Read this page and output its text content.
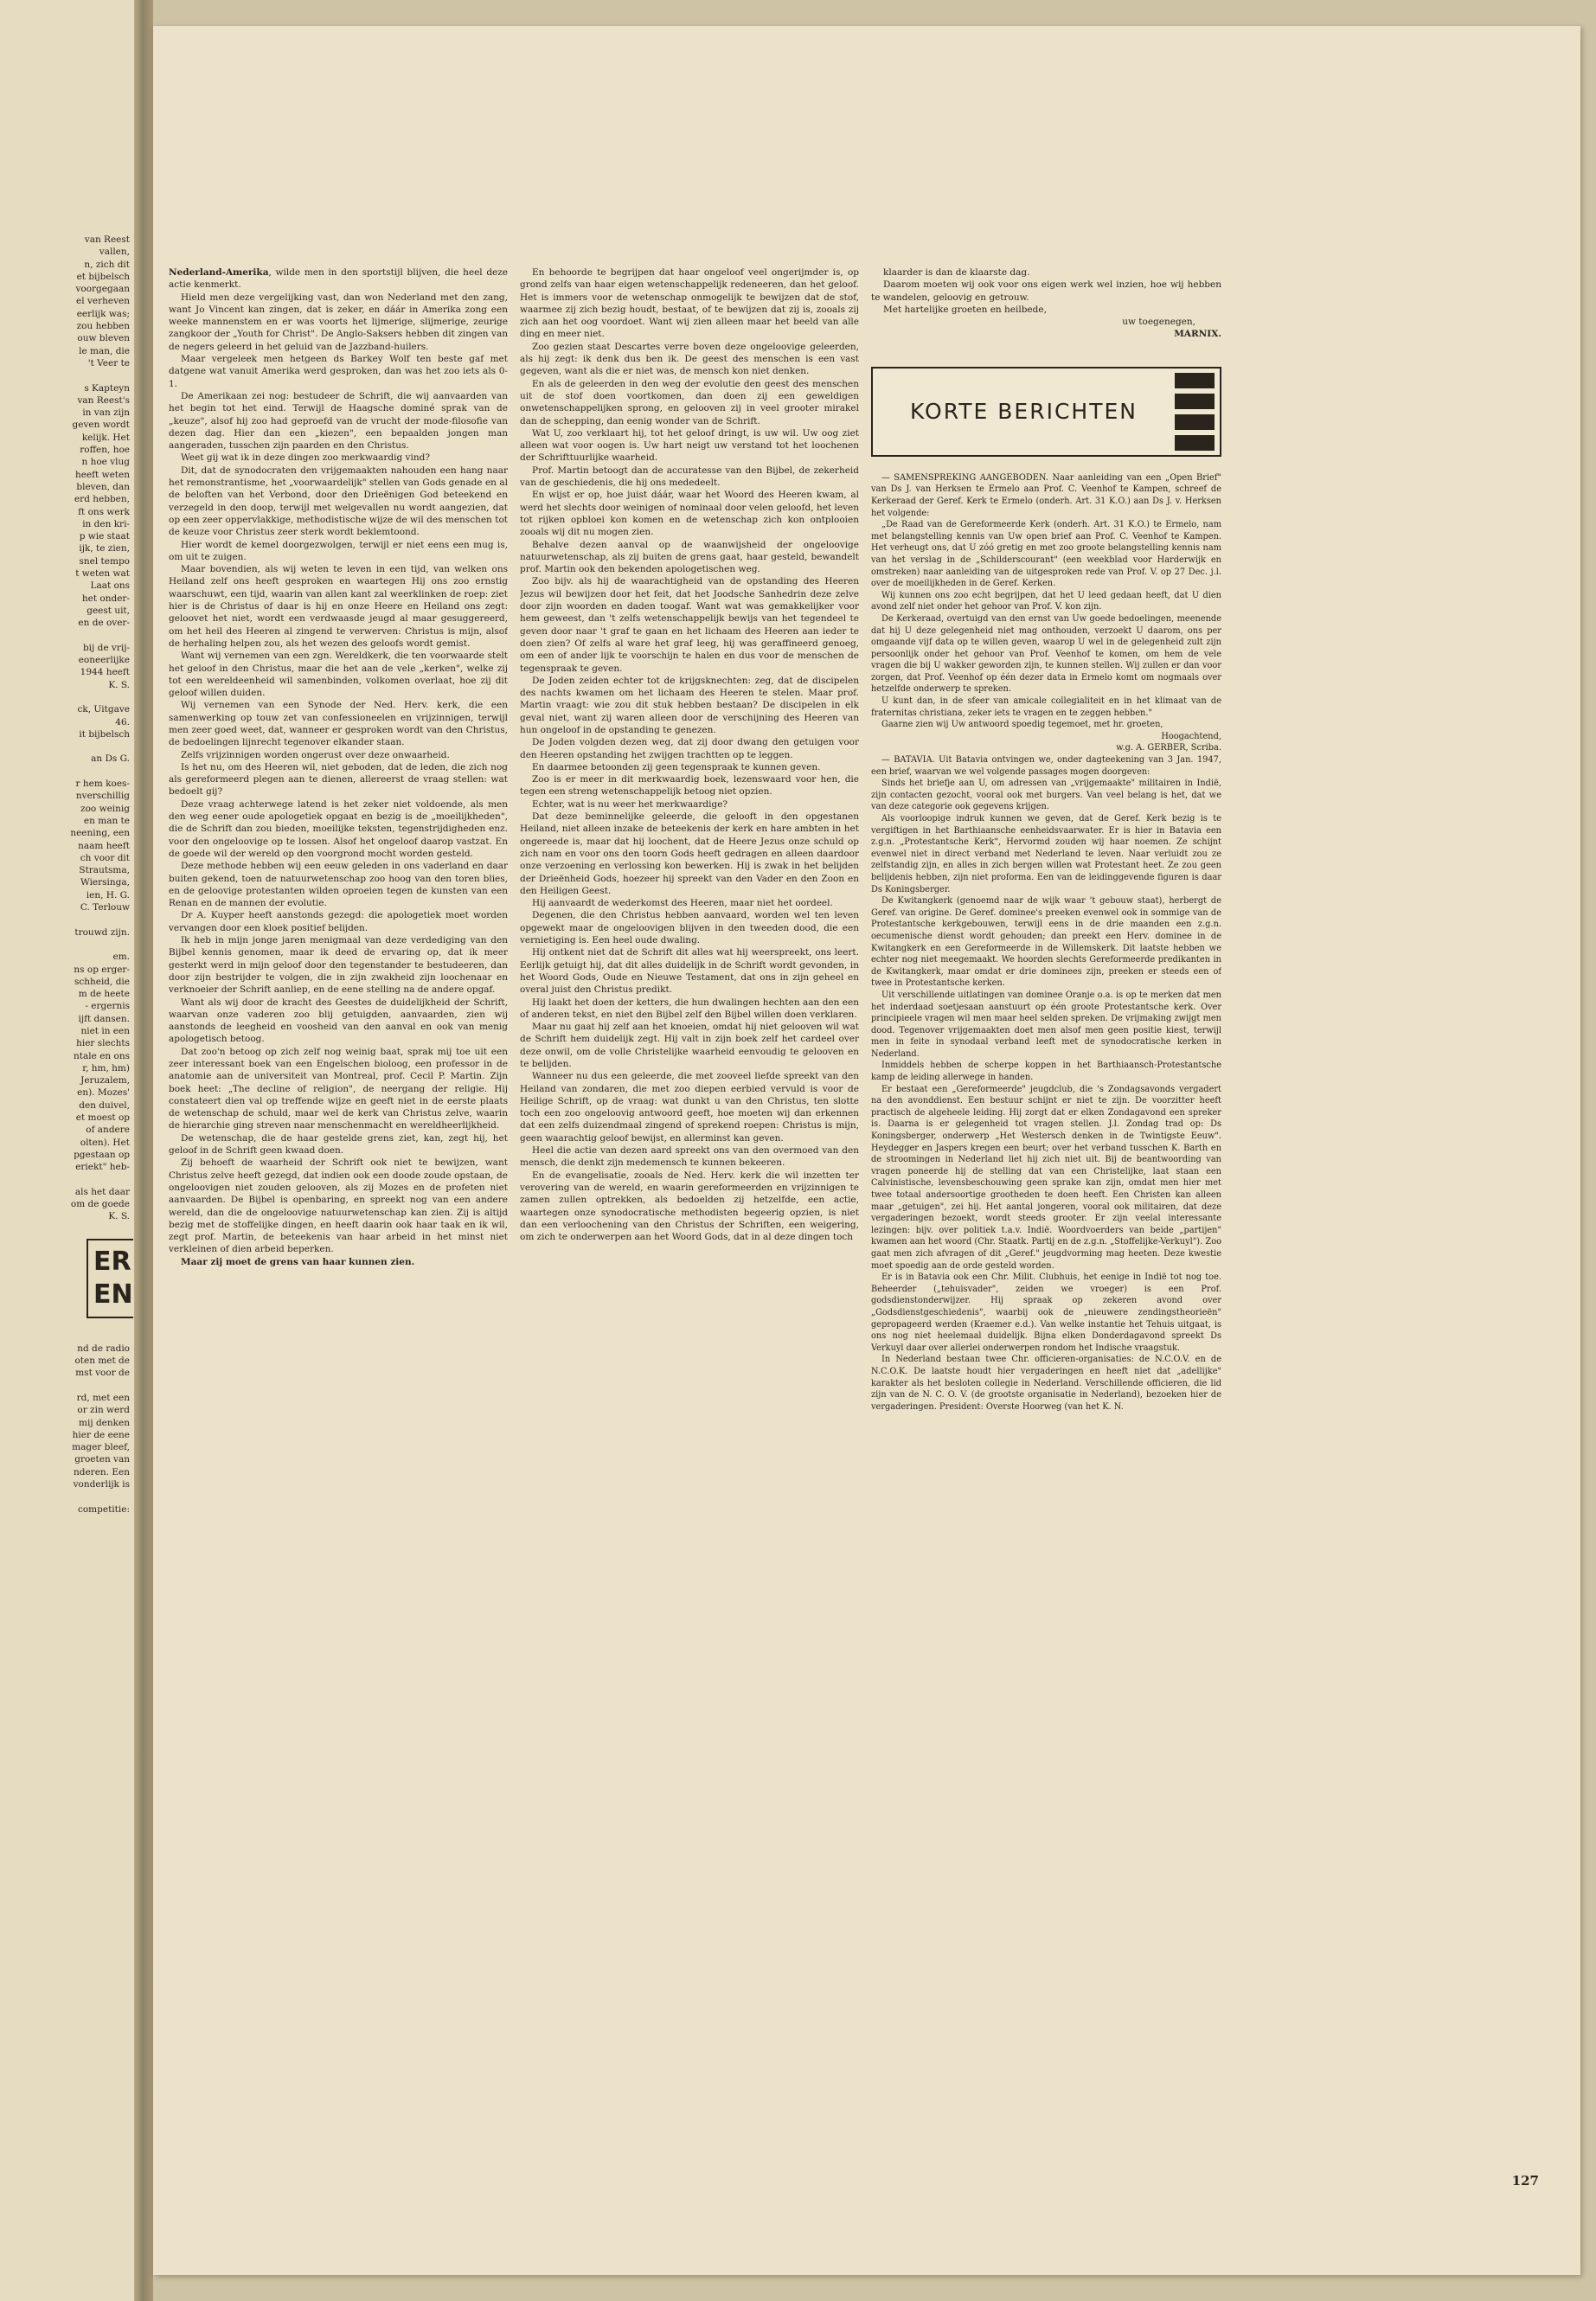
van Reest
vallen,
n, zich dit
et bijbelsch
voorgegaan
el verheven
eerlijk was;
zou hebben
ouw bleven
le man, die
't Veer te

s Kapteyn
van Reest's
in van zijn
geven wordt
kelijk. Het
roffen, hoe
n hoe vlug
heeft weten
bleven, dan
erd hebben,
ft ons werk
in den kri-
p wie staat
ijk, te zien,
snel tempo
t weten wat
Laat ons
het onder-
geest uit,
en de over-

bij de vrij-
eoneerlijke
1944 heeft
K. S.

ck, Uitgave
46.
it bijbelsch

an Ds G.

r hem koes-
nverschillig
zoo weinig
en man te
neening, een
naam heeft
ch voor dit
Strautsma,
Wiersinga,
ien, H. G.
C. Terlouw

trouwd zijn.

em.
ns op erger-
schheid, die
m de heete
- ergernis
ijft dansen.
niet in een
hier slechts
ntale en ons
r, hm, hm)
Jeruzalem,
en). Mozes'
den duivel,
et moest op
of andere
olten). Het
pgestaan op
eriekt" heb-

als het daar
om de goede
K. S.
ER
EN
nd de radio
oten met de
mst voor de

rd, met een
or zin werd
mij denken
hier de eene
mager bleef,
groeten van
nderen. Een
vonderlijk is

competitie:

Nederland-Amerika, wilde men in den sportstijl blijven, die heel deze actie kenmerkt.

Hield men deze vergelijking vast, dan won Nederland met den zang, want Jo Vincent kan zingen, dat is zeker, en dáár in Amerika zong een weeke mannenstem en er was voorts het lijmerige, slijmerige, zeurige zangkoor der „Youth for Christ". De Anglo-Saksers hebben dit zingen van de negers geleerd in het geluid van de Jazzband-huilers.

Maar vergeleek men hetgeen ds Barkey Wolf ten beste gaf met datgene wat vanuit Amerika werd gesproken, dan was het zoo iets als 0-1.

De Amerikaan zei nog: bestudeer de Schrift, die wij aanvaarden van het begin tot het eind. Terwijl de Haagsche dominé sprak van de „keuze", alsof hij zoo had geproefd van de vrucht der mode-filosofie van dezen dag. Hier dan een „kiezen", een bepaalden jongen man aangeraden, tusschen zijn paarden en den Christus.

Weet gij wat ik in deze dingen zoo merkwaardig vind?

Dit, dat de synodocraten den vrijgemaakten nahouden een hang naar het remonstrantisme, het „voorwaardelijk" stellen van Gods genade en al de beloften van het Verbond, door den Drieënigen God beteekend en verzegeld in den doop, terwijl met welgevallen nu wordt aangezien, dat op een zeer oppervlakkige, methodistische wijze de wil des menschen tot de keuze voor Christus zeer sterk wordt beklemtoond.

Hier wordt de kemel doorgezwolgen, terwijl er niet eens een mug is, om uit te zuigen.

Maar bovendien, als wij weten te leven in een tijd, van welken ons Heiland zelf ons heeft gesproken en waartegen Hij ons zoo ernstig waarschuwt, een tijd, waarin van allen kant zal weerklinken de roep: ziet hier is de Christus of daar is hij en onze Heere en Heiland ons zegt: geloovet het niet, wordt een verdwaasde jeugd al maar gesuggereerd, om het heil des Heeren al zingend te verwerven: Christus is mijn, alsof de herhaling helpen zou, als het wezen des geloofs wordt gemist.

Want wij vernemen van een zgn. Wereldkerk, die ten voorwaarde stelt het geloof in den Christus, maar die het aan de vele „kerken", welke zij tot een wereldeenheid wil samenbinden, volkomen overlaat, hoe zij dit geloof willen duiden.

Wij vernemen van een Synode der Ned. Herv. kerk, die een samenwerking op touw zet van confessioneelen en vrijzinnigen, terwijl men zeer goed weet, dat, wanneer er gesproken wordt van den Christus, de bedoelingen lijnrecht tegenover elkander staan.

Zelfs vrijzinnigen worden ongerust over deze onwaarheid.

Is het nu, om des Heeren wil, niet geboden, dat de leden, die zich nog als gereformeerd plegen aan te dienen, allereerst de vraag stellen: wat bedoelt gij?

Deze vraag achterwege latend is het zeker niet voldoende, als men den weg eener oude apologetiek opgaat en bezig is de „moeilijkheden", die de Schrift dan zou bieden, moeilijke teksten, tegenstrijdigheden enz. voor den ongeloovige op te lossen. Alsof het ongeloof daarop vastzat. En de goede wil der wereld op den voorgrond mocht worden gesteld.

Deze methode hebben wij een eeuw geleden in ons vaderland en daar buiten gekend, toen de natuurwetenschap zoo hoog van den toren blies, en de geloovige protestanten wilden oproeien tegen de kunsten van een Renan en de mannen der evolutie.

Dr A. Kuyper heeft aanstonds gezegd: die apologetiek moet worden vervangen door een kloek positief belijden.

Ik heb in mijn jonge jaren menigmaal van deze verdediging van den Bijbel kennis genomen, maar ik deed de ervaring op, dat ik meer gesterkt werd in mijn geloof door den tegenstander te bestudeeren, dan door zijn bestrijder te volgen, die in zijn zwakheid zijn loochenaar en verknoeier der Schrift aanliep, en de eene stelling na de andere opgaf.

Want als wij door de kracht des Geestes de duidelijkheid der Schrift, waarvan onze vaderen zoo blij getuigden, aanvaarden, zien wij aanstonds de leegheid en voosheid van den aanval en ook van menig apologetisch betoog.

Dat zoo'n betoog op zich zelf nog weinig baat, sprak mij toe uit een zeer interessant boek van een Engelschen bioloog, een professor in de anatomie aan de universiteit van Montreal, prof. Cecil P. Martin. Zijn boek heet: „The decline of religion", de neergang der religie. Hij constateert dien val op treffende wijze en geeft niet in de eerste plaats de wetenschap de schuld, maar wel de kerk van Christus zelve, waarin de hierarchie ging streven naar menschenmacht en wereldheerlijkheid.

De wetenschap, die de haar gestelde grens ziet, kan, zegt hij, het geloof in de Schrift geen kwaad doen.

Zij behoeft de waarheid der Schrift ook niet te bewijzen, want Christus zelve heeft gezegd, dat indien ook een doode zoude opstaan, de ongeloovigen niet zouden gelooven, als zij Mozes en de profeten niet aanvaarden. De Bijbel is openbaring, en spreekt nog van een andere wereld, dan die de ongeloovige natuurwetenschap kan zien. Zij is altijd bezig met de stoffelijke dingen, en heeft daarin ook haar taak en ik wil, zegt prof. Martin, de beteekenis van haar arbeid in het minst niet verkleinen of dien arbeid beperken.

Maar zij moet de grens van haar kunnen zien.

En behoorde te begrijpen dat haar ongeloof veel ongerijmder is, op grond zelfs van haar eigen wetenschappelijk redeneeren, dan het geloof. Het is immers voor de wetenschap onmogelijk te bewijzen dat de stof, waarmee zij zich bezig houdt, bestaat, of te bewijzen dat zij is, zooals zij zich aan het oog voordoet. Want wij zien alleen maar het beeld van alle ding en meer niet.

Zoo gezien staat Descartes verre boven deze ongeloovige geleerden, als hij zegt: ik denk dus ben ik. De geest des menschen is een vast gegeven, want als die er niet was, de mensch kon niet denken.

En als de geleerden in den weg der evolutie den geest des menschen uit de stof doen voortkomen, dan doen zij een geweldigen onwetenschappelijken sprong, en gelooven zij in veel grooter mirakel dan de schepping, dan eenig wonder van de Schrift.

Wat U, zoo verklaart hij, tot het geloof dringt, is uw wil. Uw oog ziet alleen wat voor oogen is. Uw hart neigt uw verstand tot het loochenen der Schrifttuurlijke waarheid.

Prof. Martin betoogt dan de accuratesse van den Bijbel, de zekerheid van de geschiedenis, die hij ons mededeelt.

En wijst er op, hoe juist dáár, waar het Woord des Heeren kwam, al werd het slechts door weinigen of nominaal door velen geloofd, het leven tot rijken opbloei kon komen en de wetenschap zich kon ontplooien zooals wij dit nu mogen zien.

Behalve dezen aanval op de waanwijsheid der ongeloovige natuurwetenschap, als zij buiten de grens gaat, haar gesteld, bewandelt prof. Martin ook den bekenden apologetischen weg.

Zoo bijv. als hij de waarachtigheid van de opstanding des Heeren Jezus wil bewijzen door het feit, dat het Joodsche Sanhedrin deze zelve door zijn woorden en daden toogaf. Want wat was gemakkelijker voor hem geweest, dan 't zelfs wetenschappelijk bewijs van het tegendeel te geven door naar 't graf te gaan en het lichaam des Heeren aan ieder te doen zien? Of zelfs al ware het graf leeg, hij was geraffineerd genoeg, om een of ander lijk te voorschijn te halen en dus voor de menschen de tegenspraak te geven.

De Joden zeiden echter tot de krijgsknechten: zeg, dat de discipelen des nachts kwamen om het lichaam des Heeren te stelen. Maar prof. Martin vraagt: wie zou dit stuk hebben bestaan? De discipelen in elk geval niet, want zij waren alleen door de verschijning des Heeren van hun ongeloof in de opstanding te genezen.

De Joden volgden dezen weg, dat zij door dwang den getuigen voor den Heeren opstanding het zwijgen trachtten op te leggen.

En daarmee betoonden zij geen tegenspraak te kunnen geven.

Zoo is er meer in dit merkwaardig boek, lezenswaard voor hen, die tegen een streng wetenschappelijk betoog niet opzien.

Echter, wat is nu weer het merkwaardige?

Dat deze beminnelijke geleerde, die gelooft in den opgestanen Heiland, niet alleen inzake de beteekenis der kerk en hare ambten in het ongereede is, maar dat hij loochent, dat de Heere Jezus onze schuld op zich nam en voor ons den toorn Gods heeft gedragen en alleen daardoor onze verzoening en verlossing kon bewerken. Hij is zwak in het belijden der Drieënheid Gods, hoezeer hij spreekt van den Vader en den Zoon en den Heiligen Geest.

Hij aanvaardt de wederkomst des Heeren, maar niet het oordeel.

Degenen, die den Christus hebben aanvaard, worden wel ten leven opgewekt maar de ongeloovigen blijven in den tweeden dood, die een vernietiging is. Een heel oude dwaling.

Hij ontkent niet dat de Schrift dit alles wat hij weerspreekt, ons leert. Eerlijk getuigt hij, dat dit alles duidelijk in de Schrift wordt gevonden, in het Woord Gods, Oude en Nieuwe Testament, dat ons in zijn geheel en overal juist den Christus predikt.

Hij laakt het doen der ketters, die hun dwalingen hechten aan den een of anderen tekst, en niet den Bijbel zelf den Bijbel willen doen verklaren.

Maar nu gaat hij zelf aan het knoeien, omdat hij niet gelooven wil wat de Schrift hem duidelijk zegt. Hij valt in zijn boek zelf het cardeel over deze onwil, om de volle Christelijke waarheid eenvoudig te gelooven en te belijden.

Wanneer nu dus een geleerde, die met zooveel liefde spreekt van den Heiland van zondaren, die met zoo diepen eerbied vervuld is voor de Heilige Schrift, op de vraag: wat dunkt u van den Christus, ten slotte toch een zoo ongeloovig antwoord geeft, hoe moeten wij dan erkennen dat een zelfs duizendmaal zingend of sprekend roepen: Christus is mijn, geen waarachtig geloof bewijst, en allerminst kan geven.

Heel die actie van dezen aard spreekt ons van den overmoed van den mensch, die denkt zijn medemensch te kunnen bekeeren.

En de evangelisatie, zooals de Ned. Herv. kerk die wil inzetten ter verovering van de wereld, en waarin gereformeerden en vrijzinnigen te zamen zullen optrekken, als bedoelden zij hetzelfde, een actie, waartegen onze synodocratische methodisten begeerig opzien, is niet dan een verloochening van den Christus der Schriften, een weigering, om zich te onderwerpen aan het Woord Gods, dat in al deze dingen toch

klaarder is dan de klaarste dag.

Daarom moeten wij ook voor ons eigen werk wel inzien, hoe wij hebben te wandelen, geloovig en getrouw.

Met hartelijke groeten en heilbede,

uw toegenegen,
MARNIX.
KORTE BERICHTEN

— SAMENSPREKING AANGEBODEN. Naar aanleiding van een „Open Brief" van Ds J. van Herksen te Ermelo aan Prof. C. Veenhof te Kampen, schreef de Kerkeraad der Geref. Kerk te Ermelo (onderh. Art. 31 K.O.) aan Ds J. v. Herksen het volgende:

„De Raad van de Gereformeerde Kerk (onderh. Art. 31 K.O.) te Ermelo, nam met belangstelling kennis van Uw open brief aan Prof. C. Veenhof te Kampen. Het verheugt ons, dat U zóó gretig en met zoo groote belangstelling kennis nam van het verslag in de „Schilderscourant" (een weekblad voor Harderwijk en omstreken) naar aanleiding van de uitgesproken rede van Prof. V. op 27 Dec. j.l. over de moeilijkheden in de Geref. Kerken.

Wij kunnen ons zoo echt begrijpen, dat het U leed gedaan heeft, dat U dien avond zelf niet onder het gehoor van Prof. V. kon zijn.

De Kerkeraad, overtuigd van den ernst van Uw goede bedoelingen, meenende dat hij U deze gelegenheid niet mag onthouden, verzoekt U daarom, ons per omgaande vijf data op te willen geven, waarop U wel in de gelegenheid zult zijn persoonlijk onder het gehoor van Prof. Veenhof te komen, om hem de vele vragen die bij U wakker geworden zijn, te kunnen stellen. Wij zullen er dan voor zorgen, dat Prof. Veenhof op één dezer data in Ermelo komt om nogmaals over hetzelfde onderwerp te spreken.

U kunt dan, in de sfeer van amicale collegialiteit en in het klimaat van de fraternitas christiana, zeker iets te vragen en te zeggen hebben."

Gaarne zien wij Uw antwoord spoedig tegemoet, met hr. groeten,

Hoogachtend,

w.g. A. GERBER, Scriba.

— BATAVIA. Uit Batavia ontvingen we, onder dagteekening van 3 Jan. 1947, een brief, waarvan we wel volgende passages mogen doorgeven:

Sinds het briefje aan U, om adressen van „vrijgemaakte" militairen in Indië, zijn contacten gezocht, vooral ook met burgers. Van veel belang is het, dat we van deze categorie ook gegevens krijgen.

Als voorloopige indruk kunnen we geven, dat de Geref. Kerk bezig is te vergiftigen in het Barthiaansche eenheidsvaarwater. Er is hier in Batavia een z.g.n. „Protestantsche Kerk", Hervormd zouden wij haar noemen. Ze schijnt evenwel niet in direct verband met Nederland te leven. Naar verluidt zou ze zelfstandig zijn, en alles in zich bergen willen wat Protestant heet. Ze zou geen belijdenis hebben, zijn niet proforma. Een van de leidinggevende figuren is daar Ds Koningsberger.

De Kwitangkerk (genoemd naar de wijk waar 't gebouw staat), herbergt de Geref. van origine. De Geref. dominee's preeken evenwel ook in sommige van de Protestantsche kerkgebouwen, terwijl eens in de drie maanden een z.g.n. oecumenische dienst wordt gehouden; dan preekt een Herv. dominee in de Kwitangkerk en een Gereformeerde in de Willemskerk. Dit laatste hebben we echter nog niet meegemaakt. We hoorden slechts Gereformeerde predikanten in de Kwitangkerk, maar omdat er drie dominees zijn, preeken er steeds een of twee in Protestantsche kerken.

Uit verschillende uitlatingen van dominee Oranje o.a. is op te merken dat men het inderdaad soetjesaan aanstuurt op één groote Protestantsche kerk. Over principieele vragen wil men maar heel selden spreken. De vrijmaking zwijgt men dood. Tegenover vrijgemaakten doet men alsof men geen positie kiest, terwijl men in feite in synodaal verband leeft met de synodocratische kerken in Nederland.

Inmiddels hebben de scherpe koppen in het Barthiaansch-Protestantsche kamp de leiding allerwege in handen.

Er bestaat een „Gereformeerde" jeugdclub, die 's Zondagsavonds vergadert na den avonddienst. Een bestuur schijnt er niet te zijn. De voorzitter heeft practisch de algeheele leiding. Hij zorgt dat er elken Zondagavond een spreker is. Daarna is er gelegenheid tot vragen stellen. J.l. Zondag trad op: Ds Koningsberger, onderwerp „Het Westersch denken in de Twintigste Eeuw". Heydegger en Jaspers kregen een beurt; over het verband tusschen K. Barth en de stroomingen in Nederland liet hij zich niet uit. Bij de beantwoording van vragen poneerde hij de stelling dat van een Christelijke, laat staan een Calvinistische, levensbeschouwing geen sprake kan zijn, omdat men hier met twee totaal andersoortige grootheden te doen heeft. Een Christen kan alleen maar „getuigen", zei hij. Het aantal jongeren, vooral ook militairen, dat deze vergaderingen bezoekt, wordt steeds grooter. Er zijn veelal interessante lezingen: bijv. over politiek t.a.v. Indië. Woordvoerders van beide „partijen" kwamen aan het woord (Chr. Staatk. Partij en de z.g.n. „Stoffelijke-Verkuyl"). Zoo gaat men zich afvragen of dit „Geref." jeugdvorming mag heeten. Deze kwestie moet spoedig aan de orde gesteld worden.

Er is in Batavia ook een Chr. Milit. Clubhuis, het eenige in Indië tot nog toe. Beheerder („tehuisvader", zeiden we vroeger) is een Prof. godsdienstonderwijzer. Hij spraak op zekeren avond over „Godsdienstgeschiedenis", waarbij ook de „nieuwere zendingstheorieën" gepropageerd werden (Kraemer e.d.). Van welke instantie het Tehuis uitgaat, is ons nog niet heelemaal duidelijk. Bijna elken Donderdagavond spreekt Ds Verkuyl daar over allerlei onderwerpen rondom het Indische vraagstuk.

In Nederland bestaan twee Chr. officieren-organisaties: de N.C.O.V. en de N.C.O.K. De laatste houdt hier vergaderingen en heeft niet dat „adellijke" karakter als het besloten collegie in Nederland. Verschillende officieren, die lid zijn van de N. C. O. V. (de grootste organisatie in Nederland), bezoeken hier de vergaderingen. President: Overste Hoorweg (van het K. N.

127
